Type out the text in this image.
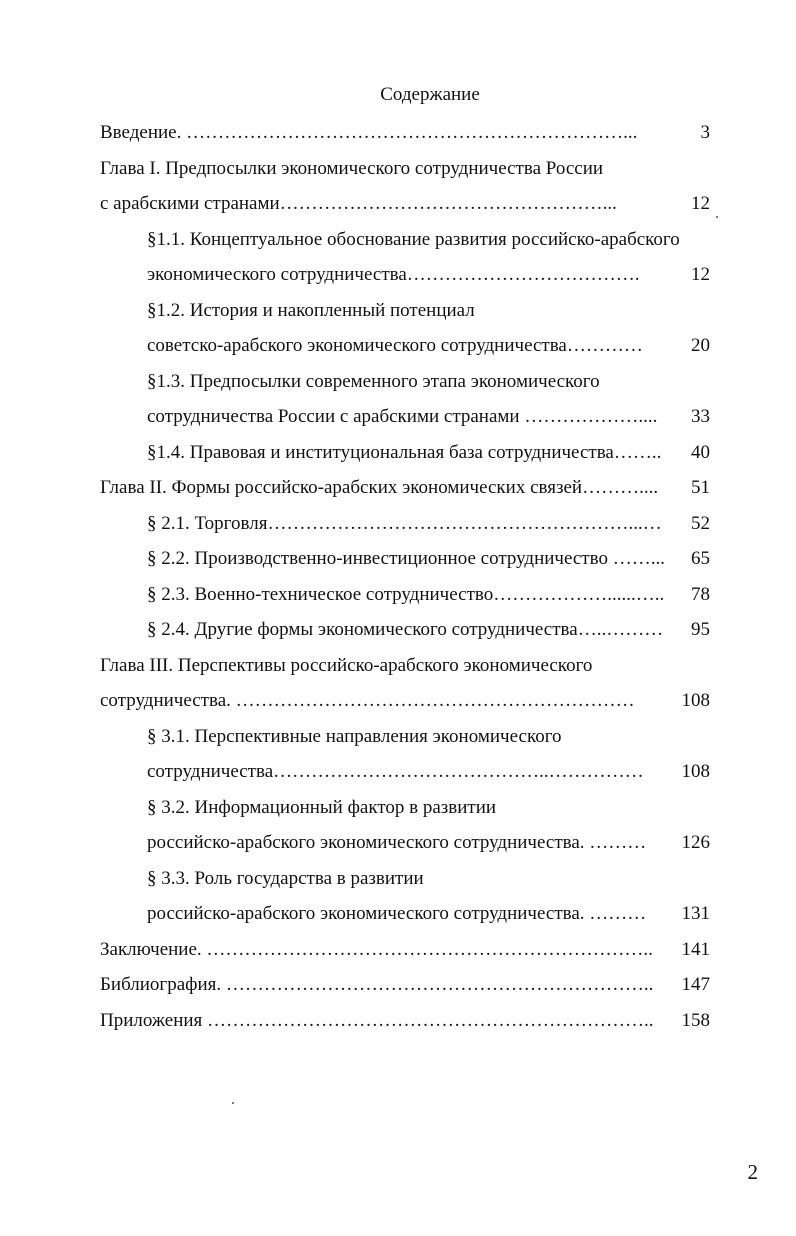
Содержание
Введение. ……………………………………………………………...	3
Глава I. Предпосылки экономического сотрудничества России
с арабскими странами……………………………………………...	12
§1.1. Концептуальное обоснование развития российско-арабского
экономического сотрудничества……………………………….	12
§1.2. История и накопленный потенциал
советско-арабского экономического сотрудничества…………	20
§1.3. Предпосылки современного этапа экономического
сотрудничества России с арабскими странами ………………....	33
§1.4. Правовая и институциональная база сотрудничества……..	40
Глава II. Формы российско-арабских экономических связей………....	51
§ 2.1. Торговля…………………………………………………...…	52
§ 2.2. Производственно-инвестиционное сотрудничество ……...	65
§ 2.3. Военно-техническое сотрудничество………………......…..	78
§ 2.4. Другие формы экономического сотрудничества…..………	95
Глава III. Перспективы российско-арабского экономического
сотрудничества. ………………………………………………………	108
§ 3.1. Перспективные направления экономического
сотрудничества……………………………………..……………	108
§ 3.2. Информационный фактор в развитии
российско-арабского экономического сотрудничества. ………	126
§ 3.3. Роль государства в развитии
российско-арабского экономического сотрудничества. ………	131
Заключение. ……………………………………………………………..	141
Библиография. …………………………………………………………..	147
Приложения ……………………………………………………………..	158
2
